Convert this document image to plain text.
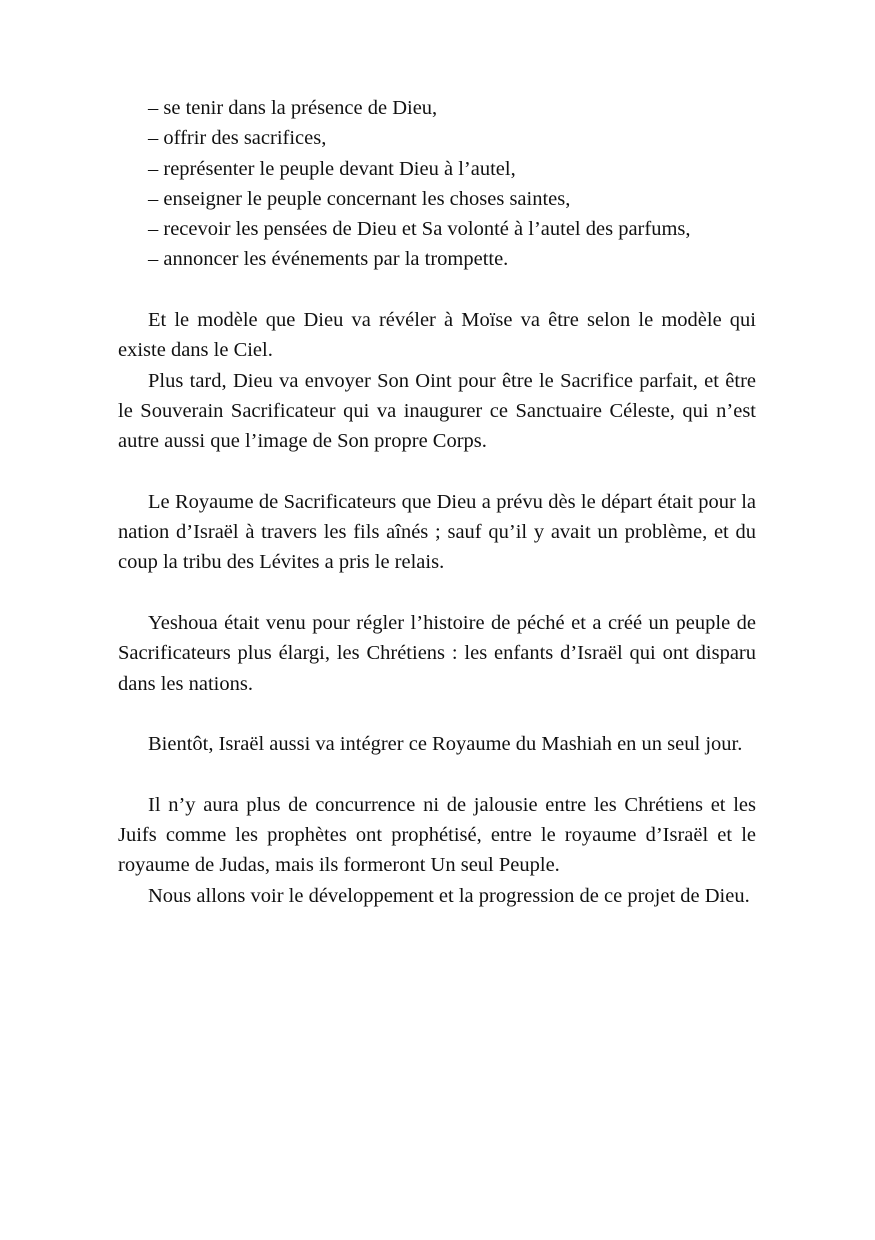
– se tenir dans la présence de Dieu,

– offrir des sacrifices,

– représenter le peuple devant Dieu à l’autel,

– enseigner le peuple concernant les choses saintes,

– recevoir les pensées de Dieu et Sa volonté à l’autel des parfums,

– annoncer les événements par la trompette.

Et le modèle que Dieu va révéler à Moïse va être selon le modèle qui existe dans le Ciel.

Plus tard, Dieu va envoyer Son Oint pour être le Sacrifice parfait, et être le Souverain Sacrificateur qui va inaugurer ce Sanctuaire Céleste, qui n’est autre aussi que l’image de Son propre Corps.

Le Royaume de Sacrificateurs que Dieu a prévu dès le départ était pour la nation d’Israël à travers les fils aînés ; sauf qu’il y avait un problème, et du coup la tribu des Lévites a pris le relais.

Yeshoua était venu pour régler l’histoire de péché et a créé un peuple de Sacrificateurs plus élargi, les Chrétiens : les enfants d’Israël qui ont disparu dans les nations.

Bientôt, Israël aussi va intégrer ce Royaume du Mashiah en un seul jour.

Il n’y aura plus de concurrence ni de jalousie entre les Chrétiens et les Juifs comme les prophètes ont prophétisé, entre le royaume d’Israël et le royaume de Judas, mais ils formeront Un seul Peuple.

Nous allons voir le développement et la progression de ce projet de Dieu.
